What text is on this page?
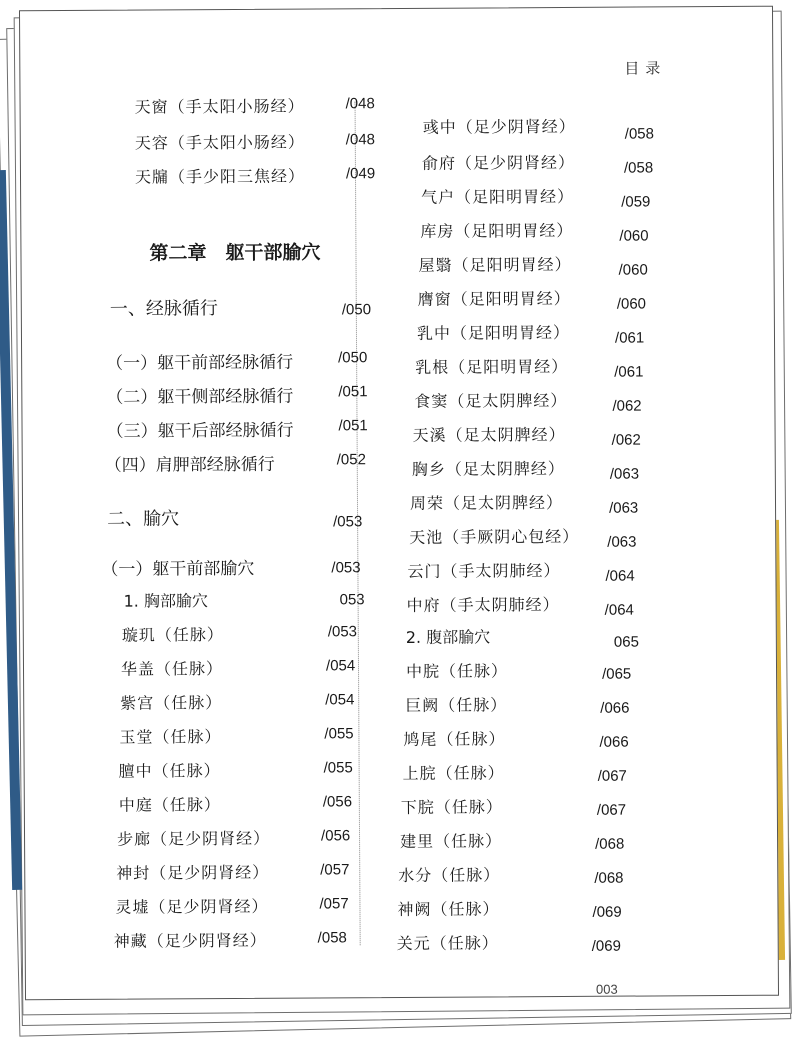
目录
天窗（手太阳小肠经）	/048
天容（手太阳小肠经）	/048
天牖（手少阳三焦经）	/049
第二章　躯干部腧穴
一、经脉循行	/050
（一）躯干前部经脉循行	/050
（二）躯干侧部经脉循行	/051
（三）躯干后部经脉循行	/051
（四）肩胛部经脉循行	/052
二、腧穴	/053
（一）躯干前部腧穴	/053
1. 胸部腧穴	053
璇玑（任脉）	/053
华盖（任脉）	/054
紫宫（任脉）	/054
玉堂（任脉）	/055
膻中（任脉）	/055
中庭（任脉）	/056
步廊（足少阴肾经）	/056
神封（足少阴肾经）	/057
灵墟（足少阴肾经）	/057
神藏（足少阴肾经）	/058
彧中（足少阴肾经）	/058
俞府（足少阴肾经）	/058
气户（足阳明胃经）	/059
库房（足阳明胃经）	/060
屋翳（足阳明胃经）	/060
膺窗（足阳明胃经）	/060
乳中（足阳明胃经）	/061
乳根（足阳明胃经）	/061
食窦（足太阴脾经）	/062
天溪（足太阴脾经）	/062
胸乡（足太阴脾经）	/063
周荣（足太阴脾经）	/063
天池（手厥阴心包经） /063
云门（手太阴肺经）	/064
中府（手太阴肺经）	/064
2. 腹部腧穴	065
中脘（任脉）	/065
巨阙（任脉）	/066
鸠尾（任脉）	/066
上脘（任脉）	/067
下脘（任脉）	/067
建里（任脉）	/068
水分（任脉）	/068
神阙（任脉）	/069
关元（任脉）	/069
003
